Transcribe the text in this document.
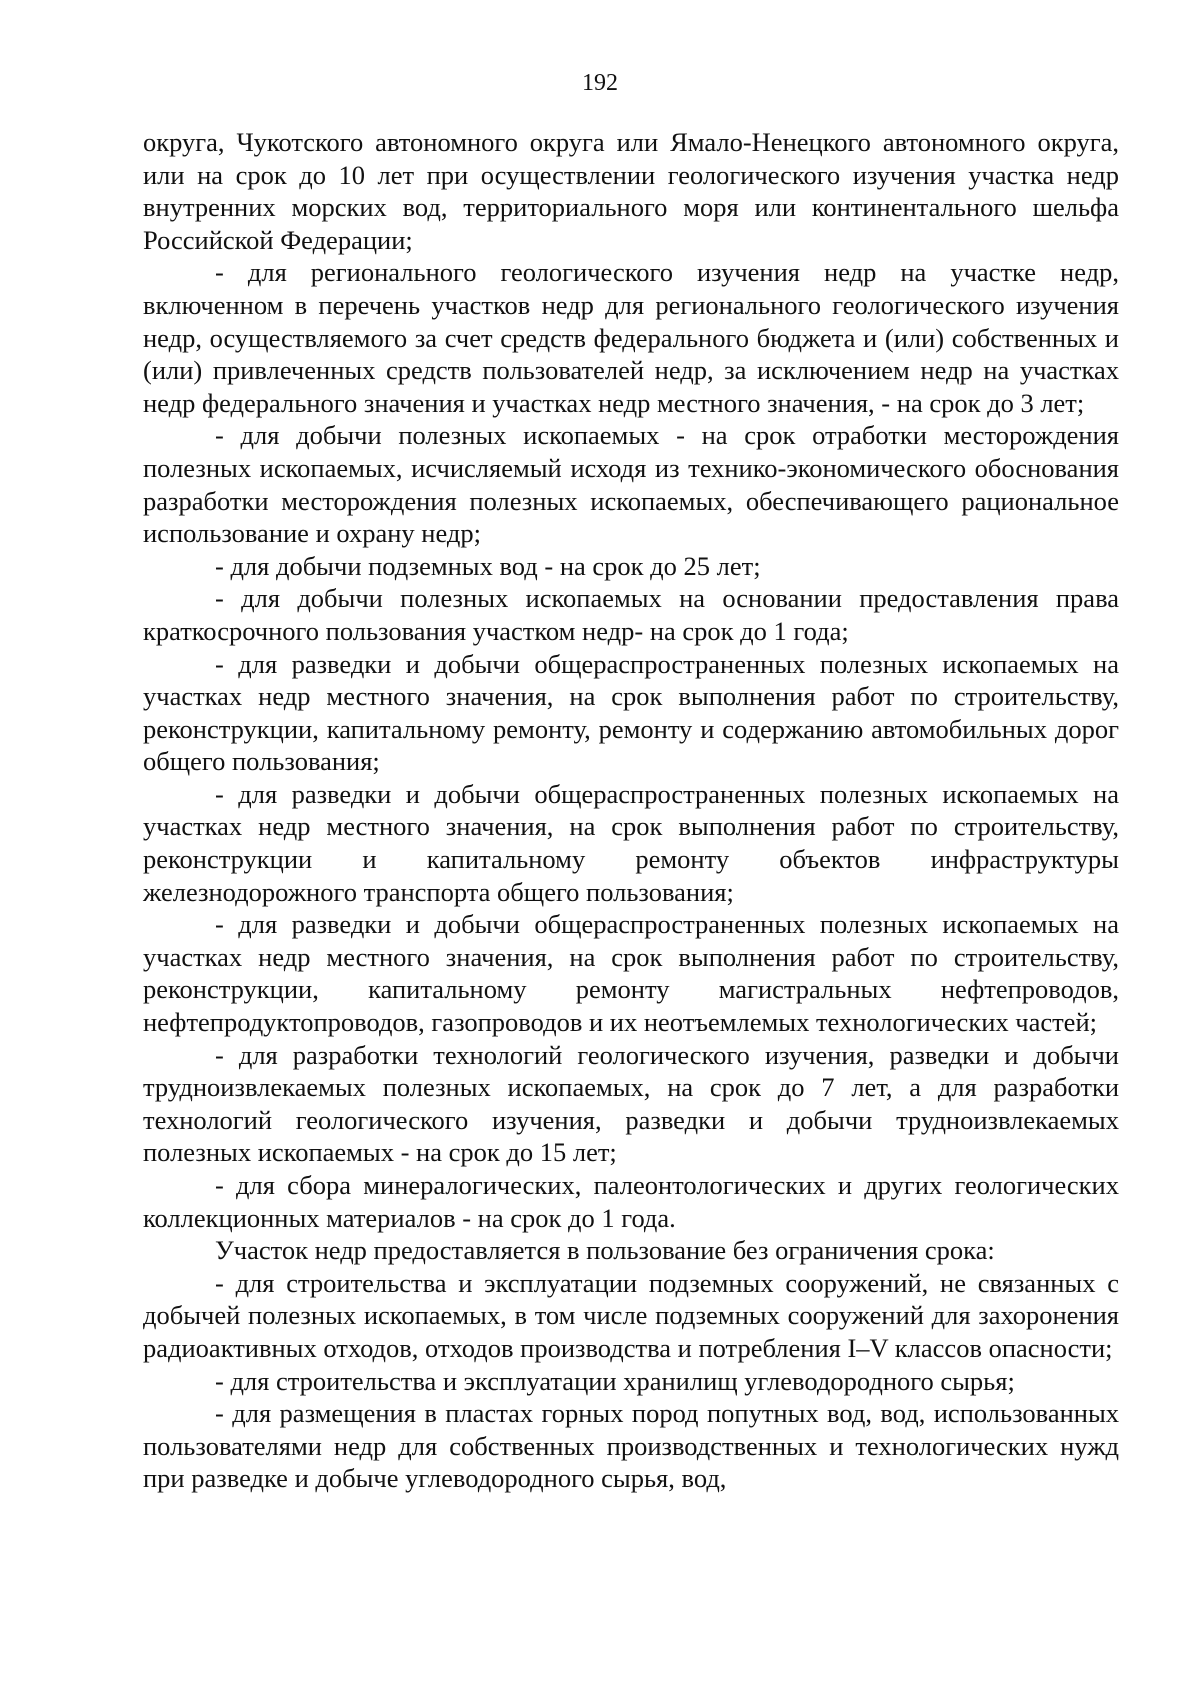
192

округа, Чукотского автономного округа или Ямало-Ненецкого автономного округа, или на срок до 10 лет при осуществлении геологического изучения участка недр внутренних морских вод, территориального моря или континентального шельфа Российской Федерации;

- для регионального геологического изучения недр на участке недр, включенном в перечень участков недр для регионального геологического изучения недр, осуществляемого за счет средств федерального бюджета и (или) собственных и (или) привлеченных средств пользователей недр, за исключением недр на участках недр федерального значения и участках недр местного значения, - на срок до 3 лет;

- для добычи полезных ископаемых - на срок отработки месторождения полезных ископаемых, исчисляемый исходя из технико-экономического обоснования разработки месторождения полезных ископаемых, обеспечивающего рациональное использование и охрану недр;

- для добычи подземных вод - на срок до 25 лет;

- для добычи полезных ископаемых на основании предоставления права краткосрочного пользования участком недр- на срок до 1 года;

- для разведки и добычи общераспространенных полезных ископаемых на участках недр местного значения, на срок выполнения работ по строительству, реконструкции, капитальному ремонту, ремонту и содержанию автомобильных дорог общего пользования;

- для разведки и добычи общераспространенных полезных ископаемых на участках недр местного значения, на срок выполнения работ по строительству, реконструкции и капитальному ремонту объектов инфраструктуры железнодорожного транспорта общего пользования;

- для разведки и добычи общераспространенных полезных ископаемых на участках недр местного значения, на срок выполнения работ по строительству, реконструкции, капитальному ремонту магистральных нефтепроводов, нефтепродуктопроводов, газопроводов и их неотъемлемых технологических частей;

- для разработки технологий геологического изучения, разведки и добычи трудноизвлекаемых полезных ископаемых, на срок до 7 лет, а для разработки технологий геологического изучения, разведки и добычи трудноизвлекаемых полезных ископаемых - на срок до 15 лет;

- для сбора минералогических, палеонтологических и других геологических коллекционных материалов - на срок до 1 года.

Участок недр предоставляется в пользование без ограничения срока:

- для строительства и эксплуатации подземных сооружений, не связанных с добычей полезных ископаемых, в том числе подземных сооружений для захоронения радиоактивных отходов, отходов производства и потребления I–V классов опасности;

- для строительства и эксплуатации хранилищ углеводородного сырья;

- для размещения в пластах горных пород попутных вод, вод, использованных пользователями недр для собственных производственных и технологических нужд при разведке и добыче углеводородного сырья, вод,
